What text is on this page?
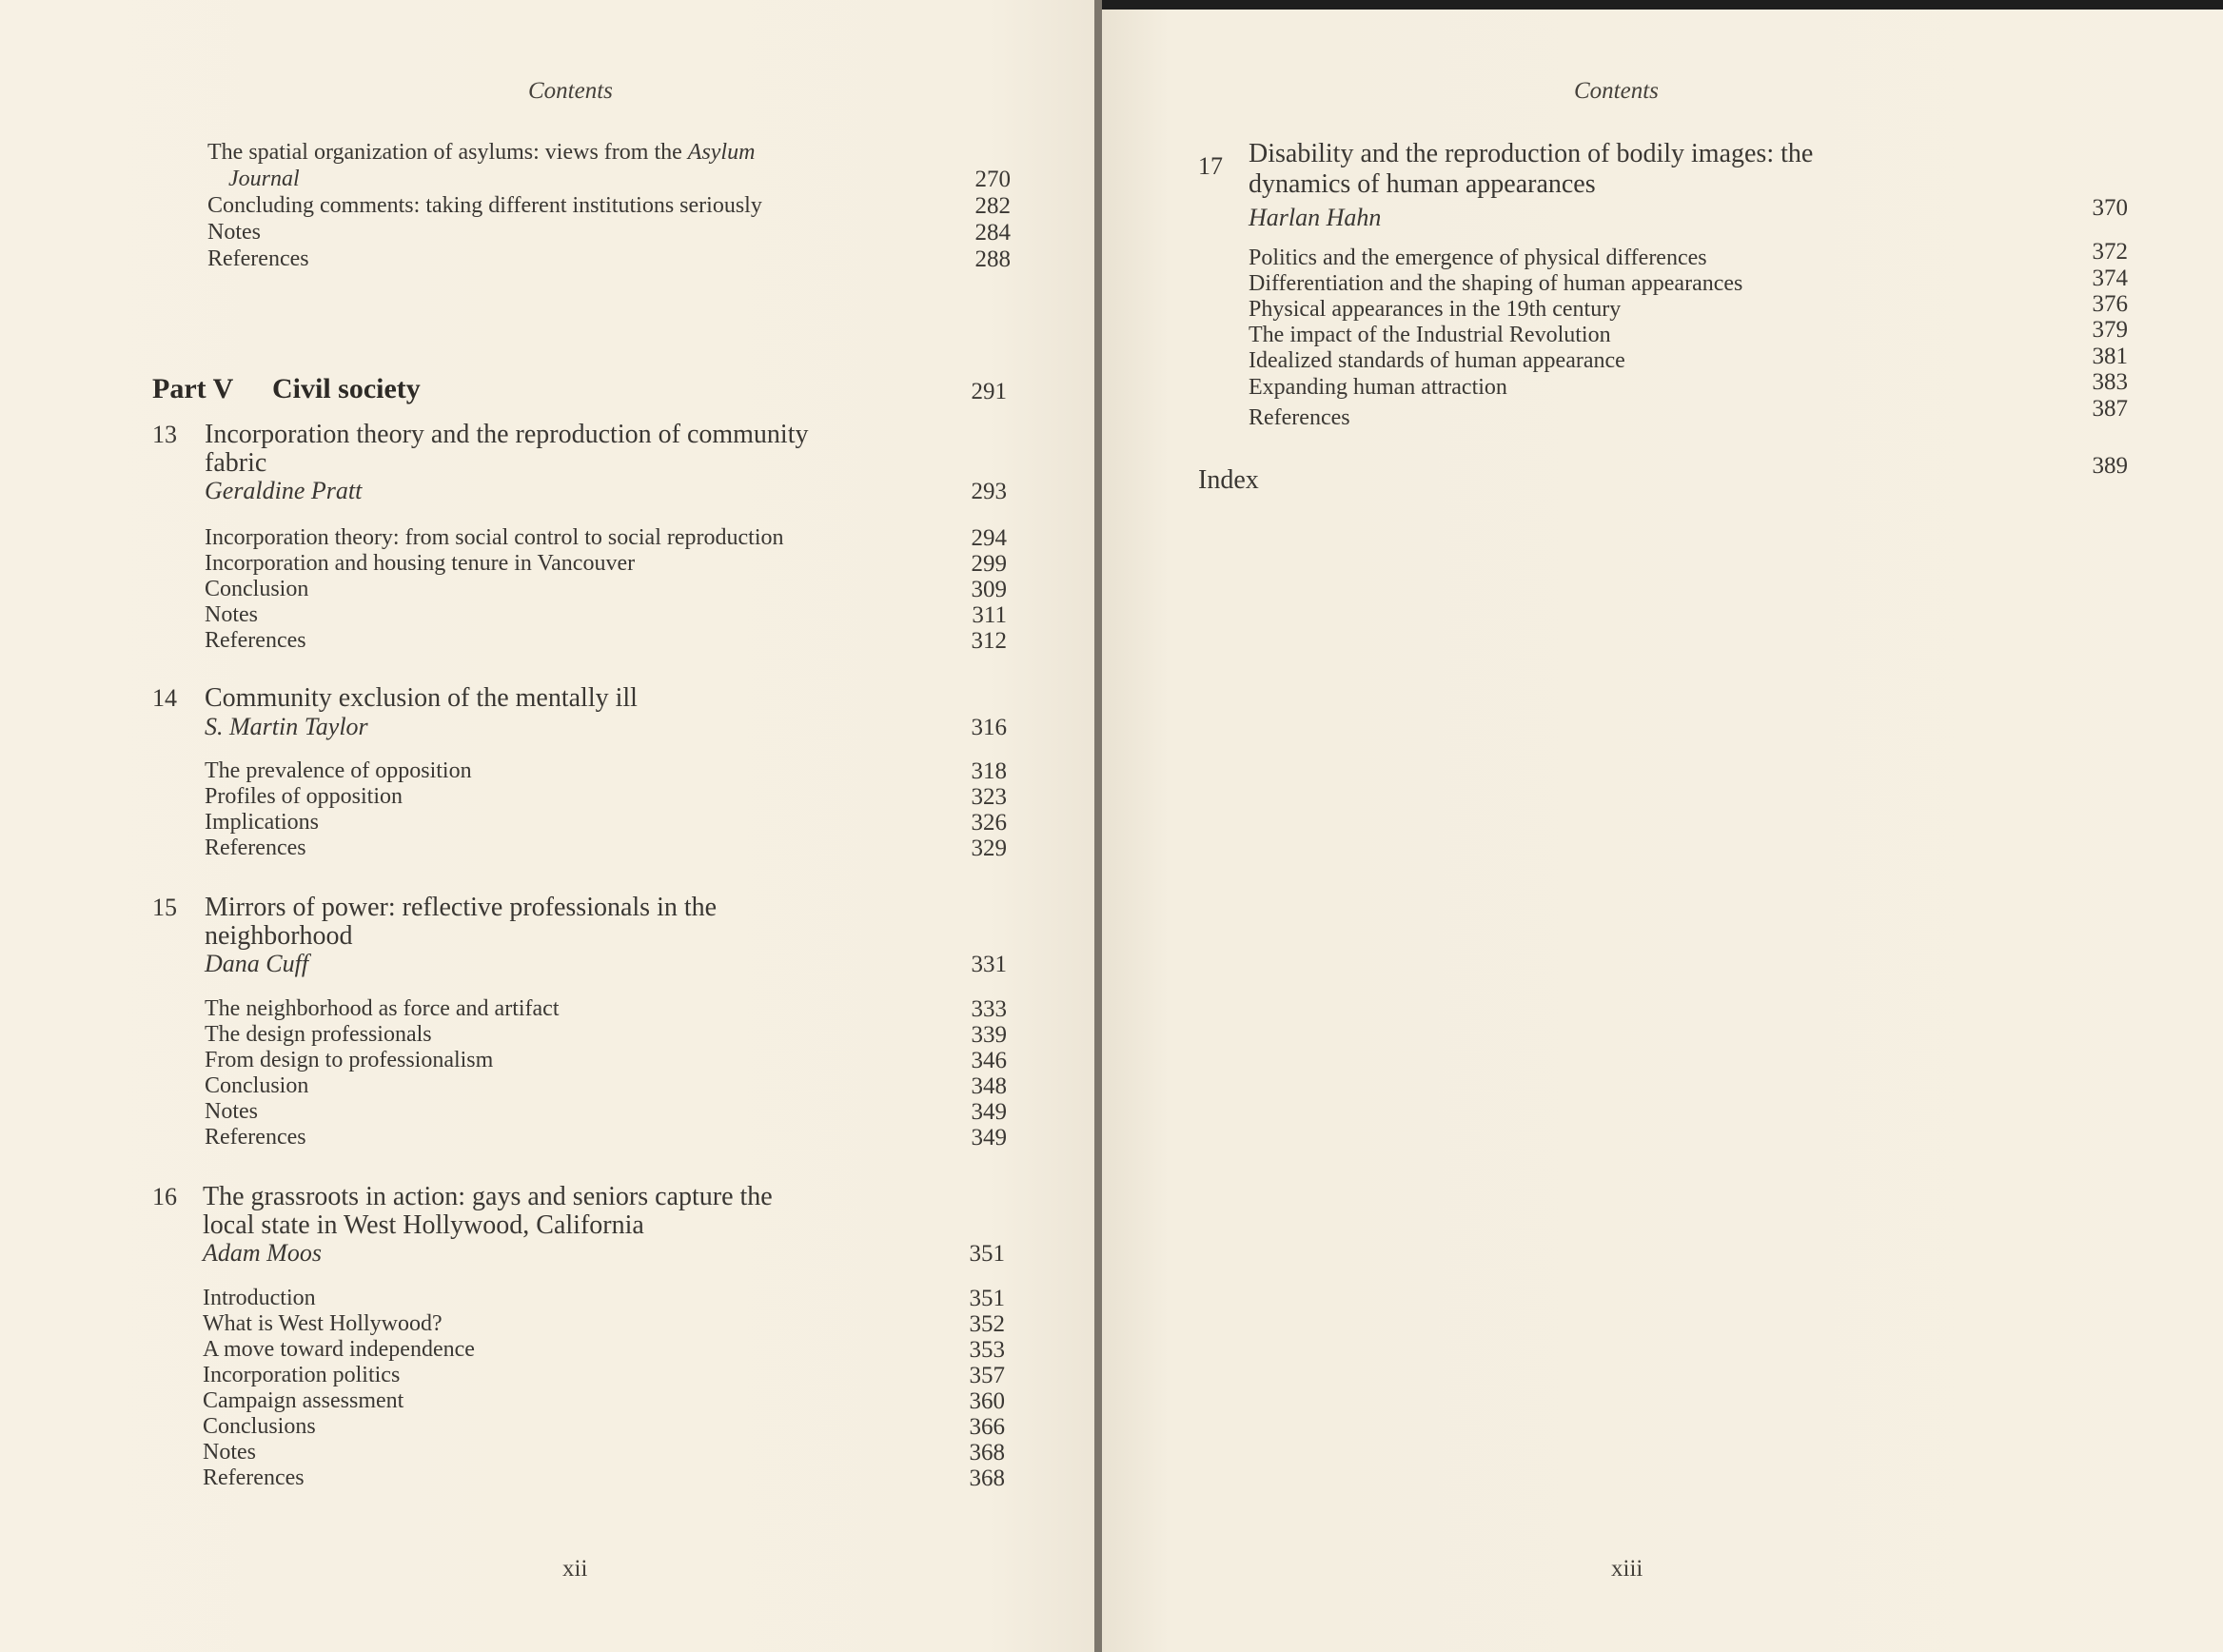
Contents
The spatial organization of asylums: views from the Asylum
Journal	270
Concluding comments: taking different institutions seriously	282
Notes	284
References	288
Part V Civil society	291
13 Incorporation theory and the reproduction of community
fabric
Geraldine Pratt	293
Incorporation theory: from social control to social reproduction	294
Incorporation and housing tenure in Vancouver	299
Conclusion	309
Notes	311
References	312
14 Community exclusion of the mentally ill
S. Martin Taylor	316
The prevalence of opposition	318
Profiles of opposition	323
Implications	326
References	329
15 Mirrors of power: reflective professionals in the
neighborhood
Dana Cuff	331
The neighborhood as force and artifact	333
The design professionals	339
From design to professionalism	346
Conclusion	348
Notes	349
References	349
16 The grassroots in action: gays and seniors capture the
local state in West Hollywood, California
Adam Moos	351
Introduction	351
What is West Hollywood?	352
A move toward independence	353
Incorporation politics	357
Campaign assessment	360
Conclusions	366
Notes	368
References	368
xii
Contents
17 Disability and the reproduction of bodily images: the
dynamics of human appearances
Harlan Hahn	370
Politics and the emergence of physical differences	372
Differentiation and the shaping of human appearances	374
Physical appearances in the 19th century	376
The impact of the Industrial Revolution	379
Idealized standards of human appearance	381
Expanding human attraction	383
References	387
Index	389
xiii
